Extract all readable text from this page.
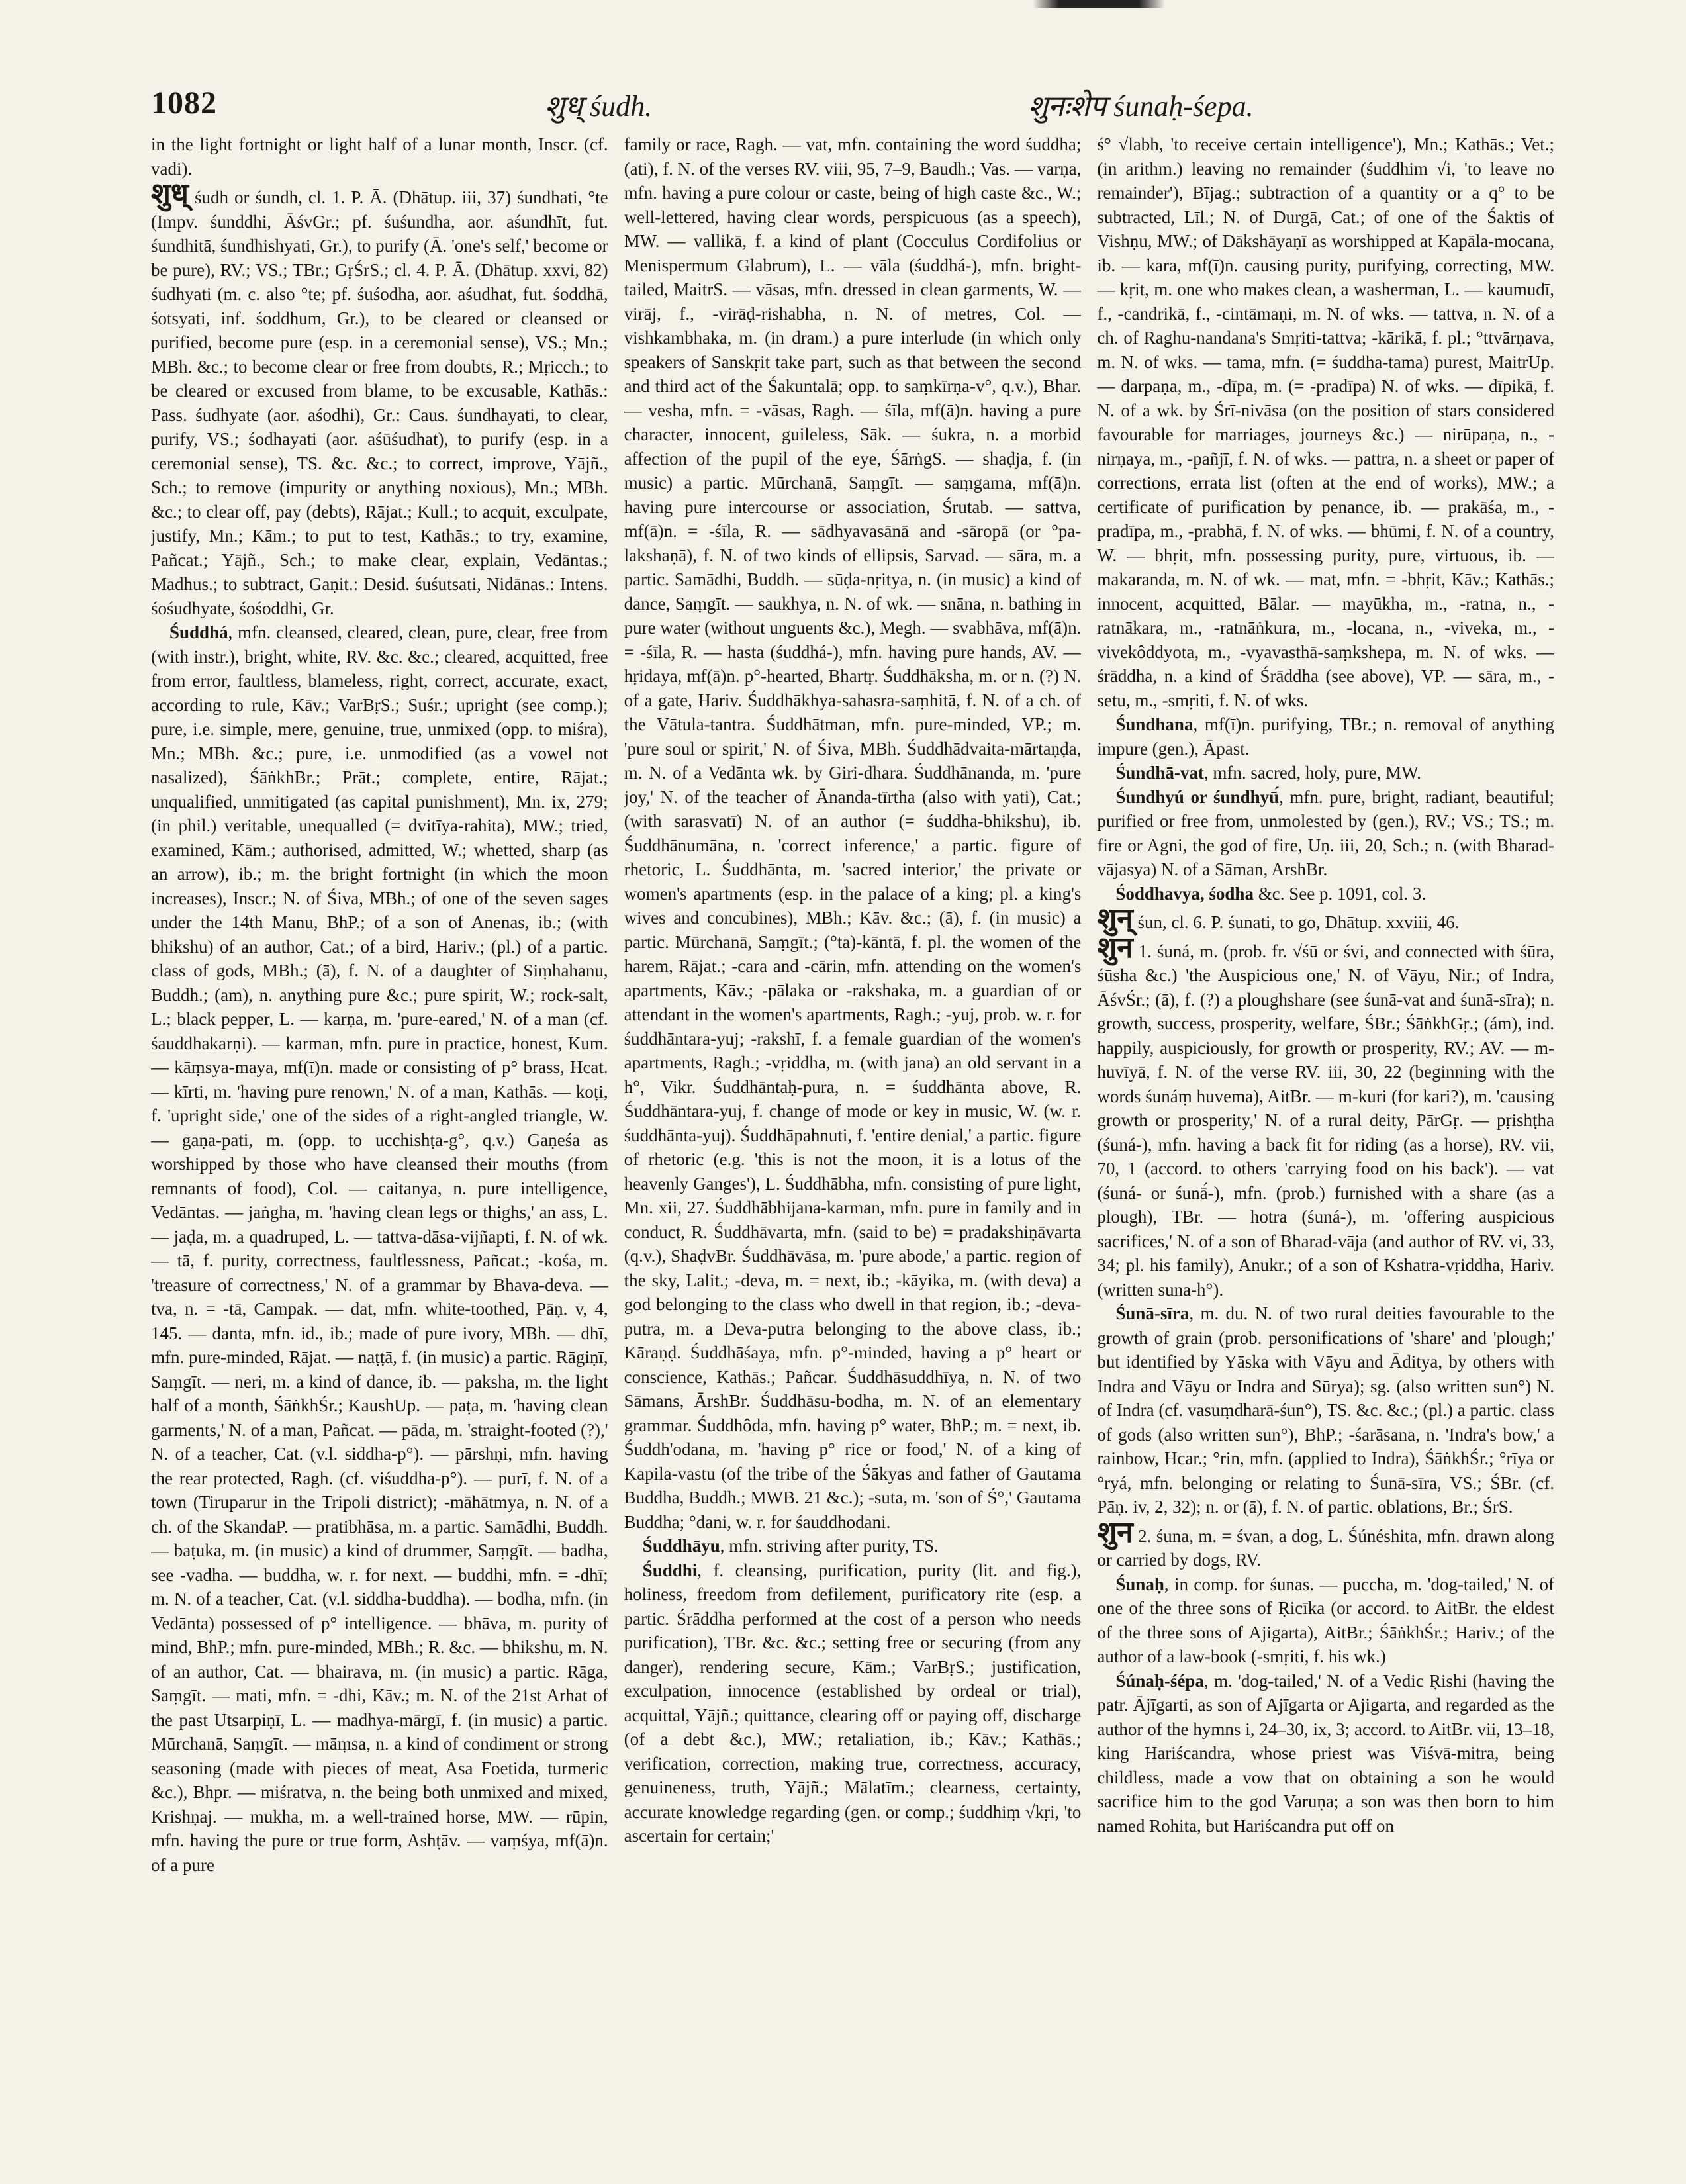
1082	शुध् śudh.	शुनःशेप śunaḥ-śepa.

in the light fortnight or light half of a lunar month, Inscr. (cf. vadi).

शुध् śudh or śundh, cl. 1. P. Ā. (Dhātup. iii, 37) śundhati, °te (Impv. śunddhi, ĀśvGr.; pf. śuśundha, aor. aśundhīt, fut. śundhitā, śundhishyati, Gr.), to purify (Ā. 'one's self,' become or be pure), RV.; VS.; TBr.; GṛŚrS.; cl. 4. P. Ā. (Dhātup. xxvi, 82) śudhyati (m. c. also °te; pf. śuśodha, aor. aśudhat, fut. śoddhā, śotsyati, inf. śoddhum, Gr.), to be cleared or cleansed or purified, become pure (esp. in a ceremonial sense), VS.; Mn.; MBh. &c.; to become clear or free from doubts, R.; Mṛicch.; to be cleared or excused from blame, to be excusable, Kathās.: Pass. śudhyate (aor. aśodhi), Gr.: Caus. śundhayati, to clear, purify, VS.; śodhayati (aor. aśūśudhat), to purify (esp. in a ceremonial sense), TS. &c. &c.; to correct, improve, Yājñ., Sch.; to remove (impurity or anything noxious), Mn.; MBh. &c.; to clear off, pay (debts), Rājat.; Kull.; to acquit, exculpate, justify, Mn.; Kām.; to put to test, Kathās.; to try, examine, Pañcat.; Yājñ., Sch.; to make clear, explain, Vedāntas.; Madhus.; to subtract, Gaṇit.: Desid. śuśutsati, Nidānas.: Intens. śośudhyate, śośoddhi, Gr.

Śuddhá, mfn. cleansed, cleared, clean, pure, clear, free from (with instr.), bright, white, RV. &c. &c.; cleared, acquitted, free from error, faultless, blameless, right, correct, accurate, exact, according to rule, Kāv.; VarBṛS.; Suśr.; upright (see comp.); pure, i.e. simple, mere, genuine, true, unmixed (opp. to miśra), Mn.; MBh. &c.; pure, i.e. unmodified (as a vowel not nasalized), ŚāṅkhBr.; Prāt.; complete, entire, Rājat.; unqualified, unmitigated (as capital punishment), Mn. ix, 279; (in phil.) veritable, unequalled (= dvitīya-rahita), MW.; tried, examined, Kām.; authorised, admitted, W.; whetted, sharp (as an arrow), ib.; m. the bright fortnight (in which the moon increases), Inscr.; N. of Śiva, MBh.; of one of the seven sages under the 14th Manu, BhP.; of a son of Anenas, ib.; (with bhikshu) of an author, Cat.; of a bird, Hariv.; (pl.) of a partic. class of gods, MBh.; (ā), f. N. of a daughter of Siṃhahanu, Buddh.; (am), n. anything pure &c.; pure spirit, W.; rock-salt, L.; black pepper, L. — karṇa, m. 'pure-eared,' N. of a man (cf. śauddhakarṇi). — karman, mfn. pure in practice, honest, Kum. — kāṃsya-maya, mf(ī)n. made or consisting of p° brass, Hcat. — kīrti, m. 'having pure renown,' N. of a man, Kathās. — koṭi, f. 'upright side,' one of the sides of a right-angled triangle, W. — gaṇa-pati, m. (opp. to ucchishṭa-g°, q.v.) Gaṇeśa as worshipped by those who have cleansed their mouths (from remnants of food), Col. — caitanya, n. pure intelligence, Vedāntas. — jaṅgha, m. 'having clean legs or thighs,' an ass, L. — jaḍa, m. a quadruped, L. — tattva-dāsa-vijñapti, f. N. of wk. — tā, f. purity, correctness, faultlessness, Pañcat.; -kośa, m. 'treasure of correctness,' N. of a grammar by Bhava-deva. — tva, n. = -tā, Campak. — dat, mfn. white-toothed, Pāṇ. v, 4, 145. — danta, mfn. id., ib.; made of pure ivory, MBh. — dhī, mfn. pure-minded, Rājat. — naṭṭā, f. (in music) a partic. Rāgiṇī, Saṃgīt. — neri, m. a kind of dance, ib. — paksha, m. the light half of a month, ŚāṅkhŚr.; KaushUp. — paṭa, m. 'having clean garments,' N. of a man, Pañcat. — pāda, m. 'straight-footed (?),' N. of a teacher, Cat. (v.l. siddha-p°). — pārshṇi, mfn. having the rear protected, Ragh. (cf. viśuddha-p°). — purī, f. N. of a town (Tiruparur in the Tripoli district); -māhātmya, n. N. of a ch. of the SkandaP. — pratibhāsa, m. a partic. Samādhi, Buddh. — baṭuka, m. (in music) a kind of drummer, Saṃgīt. — badha, see -vadha. — buddha, w. r. for next. — buddhi, mfn. = -dhī; m. N. of a teacher, Cat. (v.l. siddha-buddha). — bodha, mfn. (in Vedānta) possessed of p° intelligence. — bhāva, m. purity of mind, BhP.; mfn. pure-minded, MBh.; R. &c. — bhikshu, m. N. of an author, Cat. — bhairava, m. (in music) a partic. Rāga, Saṃgīt. — mati, mfn. = -dhi, Kāv.; m. N. of the 21st Arhat of the past Utsarpiṇī, L. — madhya-mārgī, f. (in music) a partic. Mūrchanā, Saṃgīt. — māṃsa, n. a kind of condiment or strong seasoning (made with pieces of meat, Asa Foetida, turmeric &c.), Bhpr. — miśratva, n. the being both unmixed and mixed, Krishṇaj. — mukha, m. a well-trained horse, MW. — rūpin, mfn. having the pure or true form, Ashṭāv. — vaṃśya, mf(ā)n. of a pure

family or race, Ragh. — vat, mfn. containing the word śuddha; (ati), f. N. of the verses RV. viii, 95, 7–9, Baudh.; Vas. — varṇa, mfn. having a pure colour or caste, being of high caste &c., W.; well-lettered, having clear words, perspicuous (as a speech), MW. — vallikā, f. a kind of plant (Cocculus Cordifolius or Menispermum Glabrum), L. — vāla (śuddhá-), mfn. bright-tailed, MaitrS. — vāsas, mfn. dressed in clean garments, W. — virāj, f., -virāḍ-rishabha, n. N. of metres, Col. — vishkambhaka, m. (in dram.) a pure interlude (in which only speakers of Sanskṛit take part, such as that between the second and third act of the Śakuntalā; opp. to saṃkīrṇa-v°, q.v.), Bhar. — vesha, mfn. = -vāsas, Ragh. — śīla, mf(ā)n. having a pure character, innocent, guileless, Sāk. — śukra, n. a morbid affection of the pupil of the eye, ŚārṅgS. — shaḍja, f. (in music) a partic. Mūrchanā, Saṃgīt. — saṃgama, mf(ā)n. having pure intercourse or association, Śrutab. — sattva, mf(ā)n. = -śīla, R. — sādhyavasānā and -sāropā (or °pa-lakshaṇā), f. N. of two kinds of ellipsis, Sarvad. — sāra, m. a partic. Samādhi, Buddh. — sūḍa-nṛitya, n. (in music) a kind of dance, Saṃgīt. — saukhya, n. N. of wk. — snāna, n. bathing in pure water (without unguents &c.), Megh. — svabhāva, mf(ā)n. = -śīla, R. — hasta (śuddhá-), mfn. having pure hands, AV. — hṛidaya, mf(ā)n. p°-hearted, Bhartṛ. Śuddhāksha, m. or n. (?) N. of a gate, Hariv. Śuddhākhya-sahasra-saṃhitā, f. N. of a ch. of the Vātula-tantra. Śuddhātman, mfn. pure-minded, VP.; m. 'pure soul or spirit,' N. of Śiva, MBh. Śuddhādvaita-mārtaṇḍa, m. N. of a Vedānta wk. by Giri-dhara. Śuddhānanda, m. 'pure joy,' N. of the teacher of Ānanda-tīrtha (also with yati), Cat.; (with sarasvatī) N. of an author (= śuddha-bhikshu), ib. Śuddhānumāna, n. 'correct inference,' a partic. figure of rhetoric, L. Śuddhānta, m. 'sacred interior,' the private or women's apartments (esp. in the palace of a king; pl. a king's wives and concubines), MBh.; Kāv. &c.; (ā), f. (in music) a partic. Mūrchanā, Saṃgīt.; (°ta)-kāntā, f. pl. the women of the harem, Rājat.; -cara and -cārin, mfn. attending on the women's apartments, Kāv.; -pālaka or -rakshaka, m. a guardian of or attendant in the women's apartments, Ragh.; -yuj, prob. w. r. for śuddhāntara-yuj; -rakshī, f. a female guardian of the women's apartments, Ragh.; -vṛiddha, m. (with jana) an old servant in a h°, Vikr. Śuddhāntaḥ-pura, n. = śuddhānta above, R. Śuddhāntara-yuj, f. change of mode or key in music, W. (w. r. śuddhānta-yuj). Śuddhāpahnuti, f. 'entire denial,' a partic. figure of rhetoric (e.g. 'this is not the moon, it is a lotus of the heavenly Ganges'), L. Śuddhābha, mfn. consisting of pure light, Mn. xii, 27. Śuddhābhijana-karman, mfn. pure in family and in conduct, R. Śuddhāvarta, mfn. (said to be) = pradakshiṇāvarta (q.v.), ShaḍvBr. Śuddhāvāsa, m. 'pure abode,' a partic. region of the sky, Lalit.; -deva, m. = next, ib.; -kāyika, m. (with deva) a god belonging to the class who dwell in that region, ib.; -deva-putra, m. a Deva-putra belonging to the above class, ib.; Kāraṇḍ. Śuddhāśaya, mfn. p°-minded, having a p° heart or conscience, Kathās.; Pañcar. Śuddhāsuddhīya, n. N. of two Sāmans, ĀrshBr. Śuddhāsu-bodha, m. N. of an elementary grammar. Śuddhôda, mfn. having p° water, BhP.; m. = next, ib. Śuddh'odana, m. 'having p° rice or food,' N. of a king of Kapila-vastu (of the tribe of the Śākyas and father of Gautama Buddha, Buddh.; MWB. 21 &c.); -suta, m. 'son of Ś°,' Gautama Buddha; °dani, w. r. for śauddhodani.

Śuddhāyu, mfn. striving after purity, TS.

Śuddhi, f. cleansing, purification, purity (lit. and fig.), holiness, freedom from defilement, purificatory rite (esp. a partic. Śrāddha performed at the cost of a person who needs purification), TBr. &c. &c.; setting free or securing (from any danger), rendering secure, Kām.; VarBṛS.; justification, exculpation, innocence (established by ordeal or trial), acquittal, Yājñ.; quittance, clearing off or paying off, discharge (of a debt &c.), MW.; retaliation, ib.; Kāv.; Kathās.; verification, correction, making true, correctness, accuracy, genuineness, truth, Yājñ.; Mālatīm.; clearness, certainty, accurate knowledge regarding (gen. or comp.; śuddhiṃ √kṛi, 'to ascertain for certain;'

ś° √labh, 'to receive certain intelligence'), Mn.; Kathās.; Vet.; (in arithm.) leaving no remainder (śuddhim √i, 'to leave no remainder'), Bījag.; subtraction of a quantity or a q° to be subtracted, Līl.; N. of Durgā, Cat.; of one of the Śaktis of Vishṇu, MW.; of Dākshāyaṇī as worshipped at Kapāla-mocana, ib. — kara, mf(ī)n. causing purity, purifying, correcting, MW. — kṛit, m. one who makes clean, a washerman, L. — kaumudī, f., -candrikā, f., -cintāmaṇi, m. N. of wks. — tattva, n. N. of a ch. of Raghu-nandana's Smṛiti-tattva; -kārikā, f. pl.; °ttvārṇava, m. N. of wks. — tama, mfn. (= śuddha-tama) purest, MaitrUp. — darpaṇa, m., -dīpa, m. (= -pradīpa) N. of wks. — dīpikā, f. N. of a wk. by Śrī-nivāsa (on the position of stars considered favourable for marriages, journeys &c.) — nirūpaṇa, n., -nirṇaya, m., -pañjī, f. N. of wks. — pattra, n. a sheet or paper of corrections, errata list (often at the end of works), MW.; a certificate of purification by penance, ib. — prakāśa, m., -pradīpa, m., -prabhā, f. N. of wks. — bhūmi, f. N. of a country, W. — bhṛit, mfn. possessing purity, pure, virtuous, ib. — makaranda, m. N. of wk. — mat, mfn. = -bhṛit, Kāv.; Kathās.; innocent, acquitted, Bālar. — mayūkha, m., -ratna, n., -ratnākara, m., -ratnāṅkura, m., -locana, n., -viveka, m., -vivekôddyota, m., -vyavasthā-saṃkshepa, m. N. of wks. — śrāddha, n. a kind of Śrāddha (see above), VP. — sāra, m., -setu, m., -smṛiti, f. N. of wks.

Śundhana, mf(ī)n. purifying, TBr.; n. removal of anything impure (gen.), Āpast.

Śundhā-vat, mfn. sacred, holy, pure, MW.

Śundhyú or śundhyū́, mfn. pure, bright, radiant, beautiful; purified or free from, unmolested by (gen.), RV.; VS.; TS.; m. fire or Agni, the god of fire, Uṇ. iii, 20, Sch.; n. (with Bharad-vājasya) N. of a Sāman, ArshBr.

Śoddhavya, śodha &c. See p. 1091, col. 3.

शुन् śun, cl. 6. P. śunati, to go, Dhātup. xxviii, 46.

शुन 1. śuná, m. (prob. fr. √śū or śvi, and connected with śūra, śūsha &c.) 'the Auspicious one,' N. of Vāyu, Nir.; of Indra, ĀśvŚr.; (ā), f. (?) a ploughshare (see śunā-vat and śunā-sīra); n. growth, success, prosperity, welfare, ŚBr.; ŚāṅkhGṛ.; (ám), ind. happily, auspiciously, for growth or prosperity, RV.; AV. — m-huvīyā, f. N. of the verse RV. iii, 30, 22 (beginning with the words śunáṃ huvema), AitBr. — m-kuri (for kari?), m. 'causing growth or prosperity,' N. of a rural deity, PārGṛ. — pṛishṭha (śuná-), mfn. having a back fit for riding (as a horse), RV. vii, 70, 1 (accord. to others 'carrying food on his back'). — vat (śuná- or śunā́-), mfn. (prob.) furnished with a share (as a plough), TBr. — hotra (śuná-), m. 'offering auspicious sacrifices,' N. of a son of Bharad-vāja (and author of RV. vi, 33, 34; pl. his family), Anukr.; of a son of Kshatra-vṛiddha, Hariv. (written suna-h°).

Śunā-sīra, m. du. N. of two rural deities favourable to the growth of grain (prob. personifications of 'share' and 'plough;' but identified by Yāska with Vāyu and Āditya, by others with Indra and Vāyu or Indra and Sūrya); sg. (also written sun°) N. of Indra (cf. vasuṃdharā-śun°), TS. &c. &c.; (pl.) a partic. class of gods (also written sun°), BhP.; -śarāsana, n. 'Indra's bow,' a rainbow, Hcar.; °rin, mfn. (applied to Indra), ŚāṅkhŚr.; °rīya or °ryá, mfn. belonging or relating to Śunā-sīra, VS.; ŚBr. (cf. Pāṇ. iv, 2, 32); n. or (ā), f. N. of partic. oblations, Br.; ŚrS.

शुन 2. śuna, m. = śvan, a dog, L. Śúnéshita, mfn. drawn along or carried by dogs, RV.

Śunaḥ, in comp. for śunas. — puccha, m. 'dog-tailed,' N. of one of the three sons of Ṛicīka (or accord. to AitBr. the eldest of the three sons of Ajigarta), AitBr.; ŚāṅkhŚr.; Hariv.; of the author of a law-book (-smṛiti, f. his wk.)

Śúnaḥ-śépa, m. 'dog-tailed,' N. of a Vedic Ṛishi (having the patr. Ājīgarti, as son of Ajīgarta or Ajigarta, and regarded as the author of the hymns i, 24–30, ix, 3; accord. to AitBr. vii, 13–18, king Hariścandra, whose priest was Viśvā-mitra, being childless, made a vow that on obtaining a son he would sacrifice him to the god Varuṇa; a son was then born to him named Rohita, but Hariścandra put off on
